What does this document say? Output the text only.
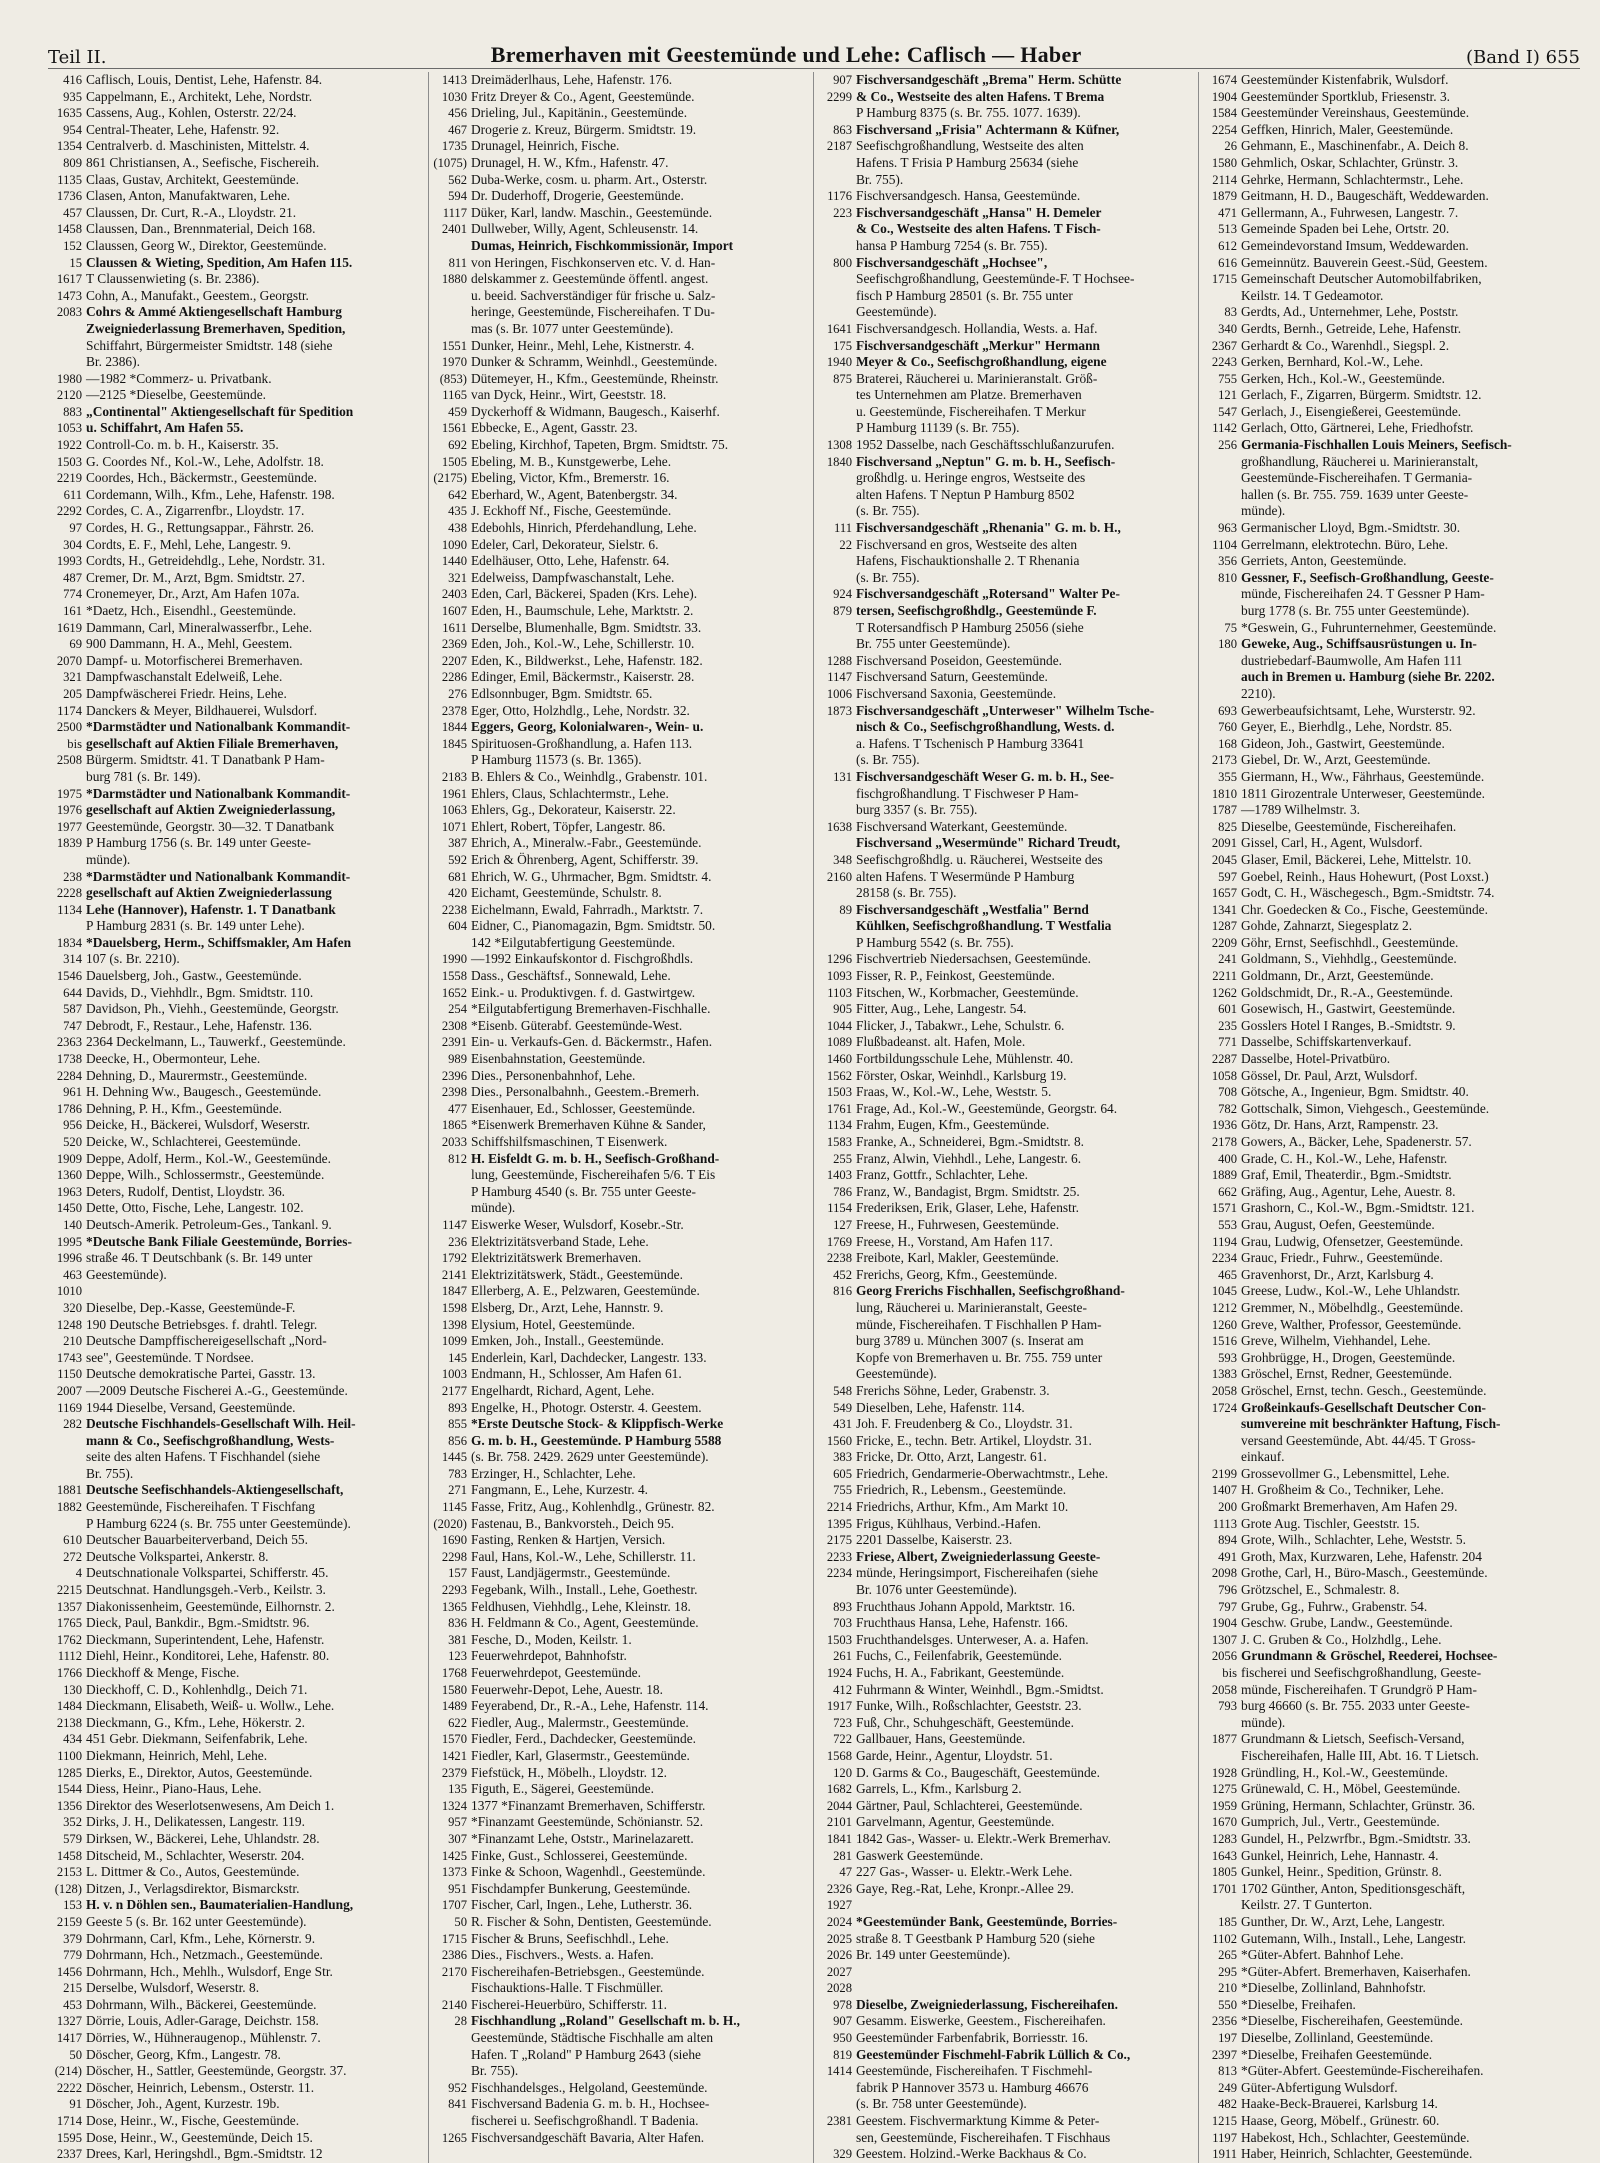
Teil II.	Bremerhaven mit Geestemünde und Lehe: Caflisch — Haber	(Band I) 655
416 Caflisch, Louis, Dentist, Lehe, Hafenstr. 84.
935 Cappelmann, E., Architekt, Lehe, Nordstr.
1635 Cassens, Aug., Kohlen, Osterstr. 22/24.
954 Central-Theater, Lehe, Hafenstr. 92.
1354 Centralverb. d. Maschinisten, Mittelstr. 4.
809 861 Christiansen, A., Seefische, Fischereih.
1135 Claas, Gustav, Architekt, Geestemünde.
1736 Clasen, Anton, Manufaktwaren, Lehe.
457 Claussen, Dr. Curt, R.-A., Lloydstr. 21.
1458 Claussen, Dan., Brennmaterial, Deich 168.
152 Claussen, Georg W., Direktor, Geestemünde.
15 Claussen & Wieting, Spedition, Am Hafen 115.
1617 T Claussenwieting (s. Br. 2386).
1473 Cohn, A., Manufakt., Geestem., Georgstr.
2083 Cohrs & Ammé Aktiengesellschaft Hamburg
Zweigniederlassung Bremerhaven, Spedition,
Schiffahrt, Bürgermeister Smidtstr. 148 (siehe
Br. 2386).
1980 —1982 *Commerz- u. Privatbank.
2120 —2125 *Dieselbe, Geestemünde.
883 „Continental" Aktiengesellschaft für Spedition
1053 u. Schiffahrt, Am Hafen 55.
1922 Controll-Co. m. b. H., Kaiserstr. 35.
1503 G. Coordes Nf., Kol.-W., Lehe, Adolfstr. 18.
2219 Coordes, Hch., Bäckermstr., Geestemünde.
611 Cordemann, Wilh., Kfm., Lehe, Hafenstr. 198.
2292 Cordes, C. A., Zigarrenfbr., Lloydstr. 17.
97 Cordes, H. G., Rettungsappar., Fährstr. 26.
304 Cordts, E. F., Mehl, Lehe, Langestr. 9.
1993 Cordts, H., Getreidehdlg., Lehe, Nordstr. 31.
487 Cremer, Dr. M., Arzt, Bgm. Smidtstr. 27.
774 Cronemeyer, Dr., Arzt, Am Hafen 107a.
161 *Daetz, Hch., Eisendhl., Geestemünde.
1619 Dammann, Carl, Mineralwasserfbr., Lehe.
69 900 Dammann, H. A., Mehl, Geestem.
2070 Dampf- u. Motorfischerei Bremerhaven.
321 Dampfwaschanstalt Edelweiß, Lehe.
205 Dampfwäscherei Friedr. Heins, Lehe.
1174 Danckers & Meyer, Bildhauerei, Wulsdorf.
2500 *Darmstädter und Nationalbank Kommandit-
bis gesellschaft auf Aktien Filiale Bremerhaven,
2508 Bürgerm. Smidtstr. 41. T Danatbank P Ham-
burg 781 (s. Br. 149).
1975 *Darmstädter und Nationalbank Kommandit-
1976 gesellschaft auf Aktien Zweigniederlassung,
1977 Geestemünde, Georgstr. 30—32. T Danatbank
1839 P Hamburg 1756 (s. Br. 149 unter Geeste-
münde).
238 *Darmstädter und Nationalbank Kommandit-
2228 gesellschaft auf Aktien Zweigniederlassung
1134 Lehe (Hannover), Hafenstr. 1. T Danatbank
P Hamburg 2831 (s. Br. 149 unter Lehe).
1834 *Dauelsberg, Herm., Schiffsmakler, Am Hafen
314 107 (s. Br. 2210).
1546 Dauelsberg, Joh., Gastw., Geestemünde.
644 Davids, D., Viehhdlr., Bgm. Smidtstr. 110.
587 Davidson, Ph., Viehh., Geestemünde, Georgstr.
747 Debrodt, F., Restaur., Lehe, Hafenstr. 136.
2363 2364 Deckelmann, L., Tauwerkf., Geestemünde.
1738 Deecke, H., Obermonteur, Lehe.
2284 Dehning, D., Maurermstr., Geestemünde.
961 H. Dehning Ww., Baugesch., Geestemünde.
1786 Dehning, P. H., Kfm., Geestemünde.
956 Deicke, H., Bäckerei, Wulsdorf, Weserstr.
520 Deicke, W., Schlachterei, Geestemünde.
1909 Deppe, Adolf, Herm., Kol.-W., Geestemünde.
1360 Deppe, Wilh., Schlossermstr., Geestemünde.
1963 Deters, Rudolf, Dentist, Lloydstr. 36.
1450 Dette, Otto, Fische, Lehe, Langestr. 102.
140 Deutsch-Amerik. Petroleum-Ges., Tankanl. 9.
1995 *Deutsche Bank Filiale Geestemünde, Borries-
1996 straße 46. T Deutschbank (s. Br. 149 unter
463 Geestemünde).
1010
320 Dieselbe, Dep.-Kasse, Geestemünde-F.
1248 190 Deutsche Betriebsges. f. drahtl. Telegr.
210 Deutsche Dampffischereigesellschaft „Nord-
1743 see", Geestemünde. T Nordsee.
1150 Deutsche demokratische Partei, Gasstr. 13.
2007 —2009 Deutsche Fischerei A.-G., Geestemünde.
1169 1944 Dieselbe, Versand, Geestemünde.
282 Deutsche Fischhandels-Gesellschaft Wilh. Heil-
mann & Co., Seefischgroßhandlung, Wests-
seite des alten Hafens. T Fischhandel (siehe
Br. 755).
1881 Deutsche Seefischhandels-Aktiengesellschaft,
1882 Geestemünde, Fischereihafen. T Fischfang
P Hamburg 6224 (s. Br. 755 unter Geestemünde).
610 Deutscher Bauarbeiterverband, Deich 55.
272 Deutsche Volkspartei, Ankerstr. 8.
4 Deutschnationale Volkspartei, Schifferstr. 45.
2215 Deutschnat. Handlungsgeh.-Verb., Keilstr. 3.
1357 Diakonissenheim, Geestemünde, Eilhornstr. 2.
1765 Dieck, Paul, Bankdir., Bgm.-Smidtstr. 96.
1762 Dieckmann, Superintendent, Lehe, Hafenstr.
1112 Diehl, Heinr., Konditorei, Lehe, Hafenstr. 80.
1766 Dieckhoff & Menge, Fische.
130 Dieckhoff, C. D., Kohlenhdlg., Deich 71.
1484 Dieckmann, Elisabeth, Weiß- u. Wollw., Lehe.
2138 Dieckmann, G., Kfm., Lehe, Hökerstr. 2.
434 451 Gebr. Diekmann, Seifenfabrik, Lehe.
1100 Diekmann, Heinrich, Mehl, Lehe.
1285 Dierks, E., Direktor, Autos, Geestemünde.
1544 Diess, Heinr., Piano-Haus, Lehe.
1356 Direktor des Weserlotsenwesens, Am Deich 1.
352 Dirks, J. H., Delikatessen, Langestr. 119.
579 Dirksen, W., Bäckerei, Lehe, Uhlandstr. 28.
1458 Ditscheid, M., Schlachter, Weserstr. 204.
2153 L. Dittmer & Co., Autos, Geestemünde.
(128) Ditzen, J., Verlagsdirektor, Bismarckstr.
153 H. v. n Döhlen sen., Baumaterialien-Handlung,
2159 Geeste 5 (s. Br. 162 unter Geestemünde).
379 Dohrmann, Carl, Kfm., Lehe, Körnerstr. 9.
779 Dohrmann, Hch., Netzmach., Geestemünde.
1456 Dohrmann, Hch., Mehlh., Wulsdorf, Enge Str.
215 Derselbe, Wulsdorf, Weserstr. 8.
453 Dohrmann, Wilh., Bäckerei, Geestemünde.
1327 Dörrie, Louis, Adler-Garage, Deichstr. 158.
1417 Dörries, W., Hühneraugenop., Mühlenstr. 7.
50 Döscher, Georg, Kfm., Langestr. 78.
(214) Döscher, H., Sattler, Geestemünde, Georgstr. 37.
2222 Döscher, Heinrich, Lebensm., Osterstr. 11.
91 Döscher, Joh., Agent, Kurzestr. 19b.
1714 Dose, Heinr., W., Fische, Geestemünde.
1595 Dose, Heinr., W., Geestemünde, Deich 15.
2337 Drees, Karl, Heringshdl., Bgm.-Smidtstr. 12
1413 Dreimäderlhaus, Lehe, Hafenstr. 176.
1030 Fritz Dreyer & Co., Agent, Geestemünde.
456 Drieling, Jul., Kapitänin., Geestemünde.
467 Drogerie z. Kreuz, Bürgerm. Smidtstr. 19.
1735 Drunagel, Heinrich, Fische.
(1075) Drunagel, H. W., Kfm., Hafenstr. 47.
562 Duba-Werke, cosm. u. pharm. Art., Osterstr.
594 Dr. Duderhoff, Drogerie, Geestemünde.
1117 Düker, Karl, landw. Maschin., Geestemünde.
2401 Dullweber, Willy, Agent, Schleusenstr. 14.
Dumas, Heinrich, Fischkommissionär, Import
811 von Heringen, Fischkonserven etc. V. d. Han-
1880 delskammer z. Geestemünde öffentl. angest.
u. beeid. Sachverständiger für frische u. Salz-
heringe, Geestemünde, Fischereihafen. T Du-
mas (s. Br. 1077 unter Geestemünde).
1551 Dunker, Heinr., Mehl, Lehe, Kistnerstr. 4.
1970 Dunker & Schramm, Weinhdl., Geestemünde.
(853) Dütemeyer, H., Kfm., Geestemünde, Rheinstr.
1165 van Dyck, Heinr., Wirt, Geeststr. 18.
459 Dyckerhoff & Widmann, Baugesch., Kaiserhf.
1561 Ebbecke, E., Agent, Gasstr. 23.
692 Ebeling, Kirchhof, Tapeten, Brgm. Smidtstr. 75.
1505 Ebeling, M. B., Kunstgewerbe, Lehe.
(2175) Ebeling, Victor, Kfm., Bremerstr. 16.
642 Eberhard, W., Agent, Batenbergstr. 34.
435 J. Eckhoff Nf., Fische, Geestemünde.
438 Edebohls, Hinrich, Pferdehandlung, Lehe.
1090 Edeler, Carl, Dekorateur, Sielstr. 6.
1440 Edelhäuser, Otto, Lehe, Hafenstr. 64.
321 Edelweiss, Dampfwaschanstalt, Lehe.
2403 Eden, Carl, Bäckerei, Spaden (Krs. Lehe).
1607 Eden, H., Baumschule, Lehe, Marktstr. 2.
1611 Derselbe, Blumenhalle, Bgm. Smidtstr. 33.
2369 Eden, Joh., Kol.-W., Lehe, Schillerstr. 10.
2207 Eden, K., Bildwerkst., Lehe, Hafenstr. 182.
2286 Edinger, Emil, Bäckermstr., Kaiserstr. 28.
276 Edlsonnbuger, Bgm. Smidtstr. 65.
2378 Eger, Otto, Holzhdlg., Lehe, Nordstr. 32.
1844 Eggers, Georg, Kolonialwaren-, Wein- u.
1845 Spirituosen-Großhandlung, a. Hafen 113.
P Hamburg 11573 (s. Br. 1365).
2183 B. Ehlers & Co., Weinhdlg., Grabenstr. 101.
1961 Ehlers, Claus, Schlachtermstr., Lehe.
1063 Ehlers, Gg., Dekorateur, Kaiserstr. 22.
1071 Ehlert, Robert, Töpfer, Langestr. 86.
387 Ehrich, A., Mineralw.-Fabr., Geestemünde.
592 Erich & Öhrenberg, Agent, Schifferstr. 39.
681 Ehrich, W. G., Uhrmacher, Bgm. Smidtstr. 4.
420 Eichamt, Geestemünde, Schulstr. 8.
2238 Eichelmann, Ewald, Fahrradh., Marktstr. 7.
604 Eidner, C., Pianomagazin, Bgm. Smidtstr. 50.
142 *Eilgutabfertigung Geestemünde.
1990 —1992 Einkaufskontor d. Fischgroßhdls.
1558 Dass., Geschäftsf., Sonnewald, Lehe.
1652 Eink.- u. Produktivgen. f. d. Gastwirtgew.
254 *Eilgutabfertigung Bremerhaven-Fischhalle.
2308 *Eisenb. Güterabf. Geestemünde-West.
2391 Ein- u. Verkaufs-Gen. d. Bäckermstr., Hafen.
989 Eisenbahnstation, Geestemünde.
2396 Dies., Personenbahnhof, Lehe.
2398 Dies., Personalbahnh., Geestem.-Bremerh.
477 Eisenhauer, Ed., Schlosser, Geestemünde.
1865 *Eisenwerk Bremerhaven Kühne & Sander,
2033 Schiffshilfsmaschinen, T Eisenwerk.
812 H. Eisfeldt G. m. b. H., Seefisch-Großhand-
lung, Geestemünde, Fischereihafen 5/6. T Eis
P Hamburg 4540 (s. Br. 755 unter Geeste-
münde).
1147 Eiswerke Weser, Wulsdorf, Kosebr.-Str.
236 Elektrizitätsverband Stade, Lehe.
1792 Elektrizitätswerk Bremerhaven.
2141 Elektrizitätswerk, Städt., Geestemünde.
1847 Ellerberg, A. E., Pelzwaren, Geestemünde.
1598 Elsberg, Dr., Arzt, Lehe, Hannstr. 9.
1398 Elysium, Hotel, Geestemünde.
1099 Emken, Joh., Install., Geestemünde.
145 Enderlein, Karl, Dachdecker, Langestr. 133.
1003 Endmann, H., Schlosser, Am Hafen 61.
2177 Engelhardt, Richard, Agent, Lehe.
893 Engelke, H., Photogr. Osterstr. 4. Geestem.
855 *Erste Deutsche Stock- & Klippfisch-Werke
856 G. m. b. H., Geestemünde. P Hamburg 5588
1445 (s. Br. 758. 2429. 2629 unter Geestemünde).
783 Erzinger, H., Schlachter, Lehe.
271 Fangmann, E., Lehe, Kurzestr. 4.
1145 Fasse, Fritz, Aug., Kohlenhdlg., Grünestr. 82.
(2020) Fastenau, B., Bankvorsteh., Deich 95.
1690 Fasting, Renken & Hartjen, Versich.
2298 Faul, Hans, Kol.-W., Lehe, Schillerstr. 11.
157 Faust, Landjägermstr., Geestemünde.
2293 Fegebank, Wilh., Install., Lehe, Goethestr.
1365 Feldhusen, Viehhdlg., Lehe, Kleinstr. 18.
836 H. Feldmann & Co., Agent, Geestemünde.
381 Fesche, D., Moden, Keilstr. 1.
123 Feuerwehrdepot, Bahnhofstr.
1768 Feuerwehrdepot, Geestemünde.
1580 Feuerwehr-Depot, Lehe, Auestr. 18.
1489 Feyerabend, Dr., R.-A., Lehe, Hafenstr. 114.
622 Fiedler, Aug., Malermstr., Geestemünde.
1570 Fiedler, Ferd., Dachdecker, Geestemünde.
1421 Fiedler, Karl, Glasermstr., Geestemünde.
2379 Fiefstück, H., Möbelh., Lloydstr. 12.
135 Figuth, E., Sägerei, Geestemünde.
1324 1377 *Finanzamt Bremerhaven, Schifferstr.
957 *Finanzamt Geestemünde, Schönianstr. 52.
307 *Finanzamt Lehe, Oststr., Marinelazarett.
1425 Finke, Gust., Schlosserei, Geestemünde.
1373 Finke & Schoon, Wagenhdl., Geestemünde.
951 Fischdampfer Bunkerung, Geestemünde.
1707 Fischer, Carl, Ingen., Lehe, Lutherstr. 36.
50 R. Fischer & Sohn, Dentisten, Geestemünde.
1715 Fischer & Bruns, Seefischhdl., Lehe.
2386 Dies., Fischvers., Wests. a. Hafen.
2170 Fischereihafen-Betriebsgen., Geestemünde.
Fischauktions-Halle. T Fischmüller.
2140 Fischerei-Heuerbüro, Schifferstr. 11.
28 Fischhandlung „Roland" Gesellschaft m. b. H.,
Geestemünde, Städtische Fischhalle am alten
Hafen. T „Roland" P Hamburg 2643 (siehe
Br. 755).
952 Fischhandelsges., Helgoland, Geestemünde.
841 Fischversand Badenia G. m. b. H., Hochsee-
fischerei u. Seefischgroßhandl. T Badenia.
1265 Fischversandgeschäft Bavaria, Alter Hafen.
907 Fischversandgeschäft „Brema" Herm. Schütte
2299 & Co., Westseite des alten Hafens. T Brema
P Hamburg 8375 (s. Br. 755. 1077. 1639).
863 Fischversand „Frisia" Achtermann & Küfner,
2187 Seefischgroßhandlung, Westseite des alten
Hafens. T Frisia P Hamburg 25634 (siehe
Br. 755).
1176 Fischversandgesch. Hansa, Geestemünde.
223 Fischversandgeschäft „Hansa" H. Demeler
& Co., Westseite des alten Hafens. T Fisch-
hansa P Hamburg 7254 (s. Br. 755).
800 Fischversandgeschäft „Hochsee",
Seefischgroßhandlung, Geestemünde-F. T Hochsee-
fisch P Hamburg 28501 (s. Br. 755 unter
Geestemünde).
1641 Fischversandgesch. Hollandia, Wests. a. Haf.
175 Fischversandgeschäft „Merkur" Hermann
1940 Meyer & Co., Seefischgroßhandlung, eigene
875 Braterei, Räucherei u. Marinieranstalt. Größ-
tes Unternehmen am Platze. Bremerhaven
u. Geestemünde, Fischereihafen. T Merkur
P Hamburg 11139 (s. Br. 755).
1308 1952 Dasselbe, nach Geschäftsschlußanzurufen.
1840 Fischversand „Neptun" G. m. b. H., Seefisch-
großhdlg. u. Heringe engros, Westseite des
alten Hafens. T Neptun P Hamburg 8502
(s. Br. 755).
111 Fischversandgeschäft „Rhenania" G. m. b. H.,
22 Fischversand en gros, Westseite des alten
Hafens, Fischauktionshalle 2. T Rhenania
(s. Br. 755).
924 Fischversandgeschäft „Rotersand" Walter Pe-
879 tersen, Seefischgroßhdlg., Geestemünde F.
T Rotersandfisch P Hamburg 25056 (siehe
Br. 755 unter Geestemünde).
1288 Fischversand Poseidon, Geestemünde.
1147 Fischversand Saturn, Geestemünde.
1006 Fischversand Saxonia, Geestemünde.
1873 Fischversandgeschäft „Unterweser" Wilhelm Tsche-
nisch & Co., Seefischgroßhandlung, Wests. d.
a. Hafens. T Tschenisch P Hamburg 33641
(s. Br. 755).
131 Fischversandgeschäft Weser G. m. b. H., See-
fischgroßhandlung. T Fischweser P Ham-
burg 3357 (s. Br. 755).
1638 Fischversand Waterkant, Geestemünde.
Fischversand „Wesermünde" Richard Treudt,
348 Seefischgroßhdlg. u. Räucherei, Westseite des
2160 alten Hafens. T Wesermünde P Hamburg
28158 (s. Br. 755).
89 Fischversandgeschäft „Westfalia" Bernd
Kühlken, Seefischgroßhandlung. T Westfalia
P Hamburg 5542 (s. Br. 755).
1296 Fischvertrieb Niedersachsen, Geestemünde.
1093 Fisser, R. P., Feinkost, Geestemünde.
1103 Fitschen, W., Korbmacher, Geestemünde.
905 Fitter, Aug., Lehe, Langestr. 54.
1044 Flicker, J., Tabakwr., Lehe, Schulstr. 6.
1089 Flußbadeanst. alt. Hafen, Mole.
1460 Fortbildungsschule Lehe, Mühlenstr. 40.
1562 Förster, Oskar, Weinhdl., Karlsburg 19.
1503 Fraas, W., Kol.-W., Lehe, Weststr. 5.
1761 Frage, Ad., Kol.-W., Geestemünde, Georgstr. 64.
1134 Frahm, Eugen, Kfm., Geestemünde.
1583 Franke, A., Schneiderei, Bgm.-Smidtstr. 8.
255 Franz, Alwin, Viehhdl., Lehe, Langestr. 6.
1403 Franz, Gottfr., Schlachter, Lehe.
786 Franz, W., Bandagist, Brgm. Smidtstr. 25.
1154 Frederiksen, Erik, Glaser, Lehe, Hafenstr.
127 Freese, H., Fuhrwesen, Geestemünde.
1769 Freese, H., Vorstand, Am Hafen 117.
2238 Freibote, Karl, Makler, Geestemünde.
452 Frerichs, Georg, Kfm., Geestemünde.
816 Georg Frerichs Fischhallen, Seefischgroßhand-
lung, Räucherei u. Marinieranstalt, Geeste-
münde, Fischereihafen. T Fischhallen P Ham-
burg 3789 u. München 3007 (s. Inserat am
Kopfe von Bremerhaven u. Br. 755. 759 unter
Geestemünde).
548 Frerichs Söhne, Leder, Grabenstr. 3.
549 Dieselben, Lehe, Hafenstr. 114.
431 Joh. F. Freudenberg & Co., Lloydstr. 31.
1560 Fricke, E., techn. Betr. Artikel, Lloydstr. 31.
383 Fricke, Dr. Otto, Arzt, Langestr. 61.
605 Friedrich, Gendarmerie-Oberwachtmstr., Lehe.
755 Friedrich, R., Lebensm., Geestemünde.
2214 Friedrichs, Arthur, Kfm., Am Markt 10.
1395 Frigus, Kühlhaus, Verbind.-Hafen.
2175 2201 Dasselbe, Kaiserstr. 23.
2233 Friese, Albert, Zweigniederlassung Geeste-
2234 münde, Heringsimport, Fischereihafen (siehe
Br. 1076 unter Geestemünde).
893 Fruchthaus Johann Appold, Marktstr. 16.
703 Fruchthaus Hansa, Lehe, Hafenstr. 166.
1503 Fruchthandelsges. Unterweser, A. a. Hafen.
261 Fuchs, C., Feilenfabrik, Geestemünde.
1924 Fuchs, H. A., Fabrikant, Geestemünde.
412 Fuhrmann & Winter, Weinhdl., Bgm.-Smidtst.
1917 Funke, Wilh., Roßschlachter, Geeststr. 23.
723 Fuß, Chr., Schuhgeschäft, Geestemünde.
722 Gallbauer, Hans, Geestemünde.
1568 Garde, Heinr., Agentur, Lloydstr. 51.
120 D. Garms & Co., Baugeschäft, Geestemünde.
1682 Garrels, L., Kfm., Karlsburg 2.
2044 Gärtner, Paul, Schlachterei, Geestemünde.
2101 Garvelmann, Agentur, Geestemünde.
1841 1842 Gas-, Wasser- u. Elektr.-Werk Bremerhav.
281 Gaswerk Geestemünde.
47 227 Gas-, Wasser- u. Elektr.-Werk Lehe.
2326 Gaye, Reg.-Rat, Lehe, Kronpr.-Allee 29.
1927
2024 *Geestemünder Bank, Geestemünde, Borries-
2025 straße 8. T Geestbank P Hamburg 520 (siehe
2026 Br. 149 unter Geestemünde).
2027
2028
978 Dieselbe, Zweigniederlassung, Fischereihafen.
907 Gesamm. Eiswerke, Geestem., Fischereihafen.
950 Geestemünder Farbenfabrik, Borriesstr. 16.
819 Geestemünder Fischmehl-Fabrik Lüllich & Co.,
1414 Geestemünde, Fischereihafen. T Fischmehl-
fabrik P Hannover 3573 u. Hamburg 46676
(s. Br. 758 unter Geestemünde).
2381 Geestem. Fischvermarktung Kimme & Peter-
sen, Geestemünde, Fischereihafen. T Fischhaus
329 Geestem. Holzind.-Werke Backhaus & Co.
1674 Geestemünder Kistenfabrik, Wulsdorf.
1904 Geestemünder Sportklub, Friesenstr. 3.
1584 Geestemünder Vereinshaus, Geestemünde.
2254 Geffken, Hinrich, Maler, Geestemünde.
26 Gehmann, E., Maschinenfabr., A. Deich 8.
1580 Gehmlich, Oskar, Schlachter, Grünstr. 3.
2114 Gehrke, Hermann, Schlachtermstr., Lehe.
1879 Geitmann, H. D., Baugeschäft, Weddewarden.
471 Gellermann, A., Fuhrwesen, Langestr. 7.
513 Gemeinde Spaden bei Lehe, Ortstr. 20.
612 Gemeindevorstand Imsum, Weddewarden.
616 Gemeinnütz. Bauverein Geest.-Süd, Geestem.
1715 Gemeinschaft Deutscher Automobilfabriken,
Keilstr. 14. T Gedeamotor.
83 Gerdts, Ad., Unternehmer, Lehe, Poststr.
340 Gerdts, Bernh., Getreide, Lehe, Hafenstr.
2367 Gerhardt & Co., Warenhdl., Siegspl. 2.
2243 Gerken, Bernhard, Kol.-W., Lehe.
755 Gerken, Hch., Kol.-W., Geestemünde.
121 Gerlach, F., Zigarren, Bürgerm. Smidtstr. 12.
547 Gerlach, J., Eisengießerei, Geestemünde.
1142 Gerlach, Otto, Gärtnerei, Lehe, Friedhofstr.
256 Germania-Fischhallen Louis Meiners, Seefisch-
großhandlung, Räucherei u. Marinieranstalt,
Geestemünde-Fischereihafen. T Germania-
hallen (s. Br. 755. 759. 1639 unter Geeste-
münde).
963 Germanischer Lloyd, Bgm.-Smidtstr. 30.
1104 Gerrelmann, elektrotechn. Büro, Lehe.
356 Gerriets, Anton, Geestemünde.
810 Gessner, F., Seefisch-Großhandlung, Geeste-
münde, Fischereihafen 24. T Gessner P Ham-
burg 1778 (s. Br. 755 unter Geestemünde).
75 *Geswein, G., Fuhrunternehmer, Geestemünde.
180 Geweke, Aug., Schiffsausrüstungen u. In-
dustriebedarf-Baumwolle, Am Hafen 111
auch in Bremen u. Hamburg (siehe Br. 2202.
2210).
693 Gewerbeaufsichtsamt, Lehe, Wursterstr. 92.
760 Geyer, E., Bierhdlg., Lehe, Nordstr. 85.
168 Gideon, Joh., Gastwirt, Geestemünde.
2173 Giebel, Dr. W., Arzt, Geestemünde.
355 Giermann, H., Ww., Fährhaus, Geestemünde.
1810 1811 Girozentrale Unterweser, Geestemünde.
1787 —1789 Wilhelmstr. 3.
825 Dieselbe, Geestemünde, Fischereihafen.
2091 Gissel, Carl, H., Agent, Wulsdorf.
2045 Glaser, Emil, Bäckerei, Lehe, Mittelstr. 10.
597 Goebel, Reinh., Haus Hohewurt, (Post Loxst.)
1657 Godt, C. H., Wäschegesch., Bgm.-Smidtstr. 74.
1341 Chr. Goedecken & Co., Fische, Geestemünde.
1287 Gohde, Zahnarzt, Siegesplatz 2.
2209 Göhr, Ernst, Seefischhdl., Geestemünde.
241 Goldmann, S., Viehhdlg., Geestemünde.
2211 Goldmann, Dr., Arzt, Geestemünde.
1262 Goldschmidt, Dr., R.-A., Geestemünde.
601 Gosewisch, H., Gastwirt, Geestemünde.
235 Gosslers Hotel I Ranges, B.-Smidtstr. 9.
771 Dasselbe, Schiffskartenverkauf.
2287 Dasselbe, Hotel-Privatbüro.
1058 Gössel, Dr. Paul, Arzt, Wulsdorf.
708 Götsche, A., Ingenieur, Bgm. Smidtstr. 40.
782 Gottschalk, Simon, Viehgesch., Geestemünde.
1936 Götz, Dr. Hans, Arzt, Rampenstr. 23.
2178 Gowers, A., Bäcker, Lehe, Spadenerstr. 57.
400 Grade, C. H., Kol.-W., Lehe, Hafenstr.
1889 Graf, Emil, Theaterdir., Bgm.-Smidtstr.
662 Gräfing, Aug., Agentur, Lehe, Auestr. 8.
1571 Grashorn, C., Kol.-W., Bgm.-Smidtstr. 121.
553 Grau, August, Oefen, Geestemünde.
1194 Grau, Ludwig, Ofensetzer, Geestemünde.
2234 Grauc, Friedr., Fuhrw., Geestemünde.
465 Gravenhorst, Dr., Arzt, Karlsburg 4.
1045 Greese, Ludw., Kol.-W., Lehe Uhlandstr.
1212 Gremmer, N., Möbelhdlg., Geestemünde.
1260 Greve, Walther, Professor, Geestemünde.
1516 Greve, Wilhelm, Viehhandel, Lehe.
593 Grohbrügge, H., Drogen, Geestemünde.
1383 Gröschel, Ernst, Redner, Geestemünde.
2058 Gröschel, Ernst, techn. Gesch., Geestemünde.
1724 Großeinkaufs-Gesellschaft Deutscher Con-
sumvereine mit beschränkter Haftung, Fisch-
versand Geestemünde, Abt. 44/45. T Gross-
einkauf.
2199 Grossevollmer G., Lebensmittel, Lehe.
1407 H. Großheim & Co., Techniker, Lehe.
200 Großmarkt Bremerhaven, Am Hafen 29.
1113 Grote Aug. Tischler, Geeststr. 15.
894 Grote, Wilh., Schlachter, Lehe, Weststr. 5.
491 Groth, Max, Kurzwaren, Lehe, Hafenstr. 204
2098 Grothe, Carl, H., Büro-Masch., Geestemünde.
796 Grötzschel, E., Schmalestr. 8.
797 Grube, Gg., Fuhrw., Grabenstr. 54.
1904 Geschw. Grube, Landw., Geestemünde.
1307 J. C. Gruben & Co., Holzhdlg., Lehe.
2056 Grundmann & Gröschel, Reederei, Hochsee-
bis fischerei und Seefischgroßhandlung, Geeste-
2058 münde, Fischereihafen. T Grundgrö P Ham-
793 burg 46660 (s. Br. 755. 2033 unter Geeste-
münde).
1877 Grundmann & Lietsch, Seefisch-Versand,
Fischereihafen, Halle III, Abt. 16. T Lietsch.
1928 Gründling, H., Kol.-W., Geestemünde.
1275 Grünewald, C. H., Möbel, Geestemünde.
1959 Grüning, Hermann, Schlachter, Grünstr. 36.
1670 Gumprich, Jul., Vertr., Geestemünde.
1283 Gundel, H., Pelzwrfbr., Bgm.-Smidtstr. 33.
1643 Gunkel, Heinrich, Lehe, Hannastr. 4.
1805 Gunkel, Heinr., Spedition, Grünstr. 8.
1701 1702 Günther, Anton, Speditionsgeschäft,
Keilstr. 27. T Gunterton.
185 Gunther, Dr. W., Arzt, Lehe, Langestr.
1102 Gutemann, Wilh., Install., Lehe, Langestr.
265 *Güter-Abfert. Bahnhof Lehe.
295 *Güter-Abfert. Bremerhaven, Kaiserhafen.
210 *Dieselbe, Zollinland, Bahnhofstr.
550 *Dieselbe, Freihafen.
2356 *Dieselbe, Fischereihafen, Geestemünde.
197 Dieselbe, Zollinland, Geestemünde.
2397 *Dieselbe, Freihafen Geestemünde.
813 *Güter-Abfert. Geestemünde-Fischereihafen.
249 Güter-Abfertigung Wulsdorf.
482 Haake-Beck-Brauerei, Karlsburg 14.
1215 Haase, Georg, Möbelf., Grünestr. 60.
1197 Habekost, Hch., Schlachter, Geestemünde.
1911 Haber, Heinrich, Schlachter, Geestemünde.
